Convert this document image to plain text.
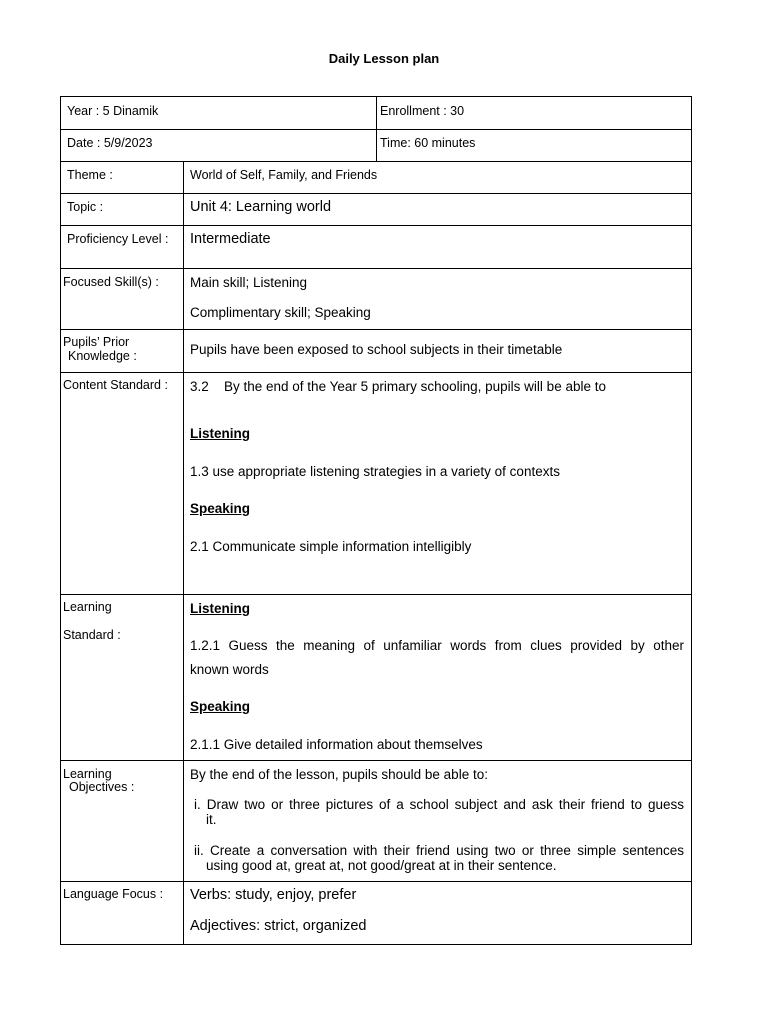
Daily Lesson plan
Year : 5 Dinamik	Enrollment : 30
Date : 5/9/2023	Time: 60 minutes
Theme :	World of Self, Family, and Friends
Topic :	Unit 4: Learning world
Proficiency Level : Intermediate
Focused Skill(s) : Main skill; Listening
Complimentary skill; Speaking
Pupils’ Prior
Knowledge :	Pupils have been exposed to school subjects in their timetable
Content Standard : 3.2 By the end of the Year 5 primary schooling, pupils will be able to
Listening
1.3 use appropriate listening strategies in a variety of contexts
Speaking
2.1 Communicate simple information intelligibly
Learning
Standard :
Listening
1.2.1 Guess the meaning of unfamiliar words from clues provided by other
known words
Speaking
2.1.1 Give detailed information about themselves
Learning
Objectives :
By the end of the lesson, pupils should be able to:
i. Draw two or three pictures of a school subject and ask their friend to guess
it.
ii. Create a conversation with their friend using two or three simple sentences
using good at, great at, not good/great at in their sentence.
Language Focus : Verbs: study, enjoy, prefer
Adjectives: strict, organized
